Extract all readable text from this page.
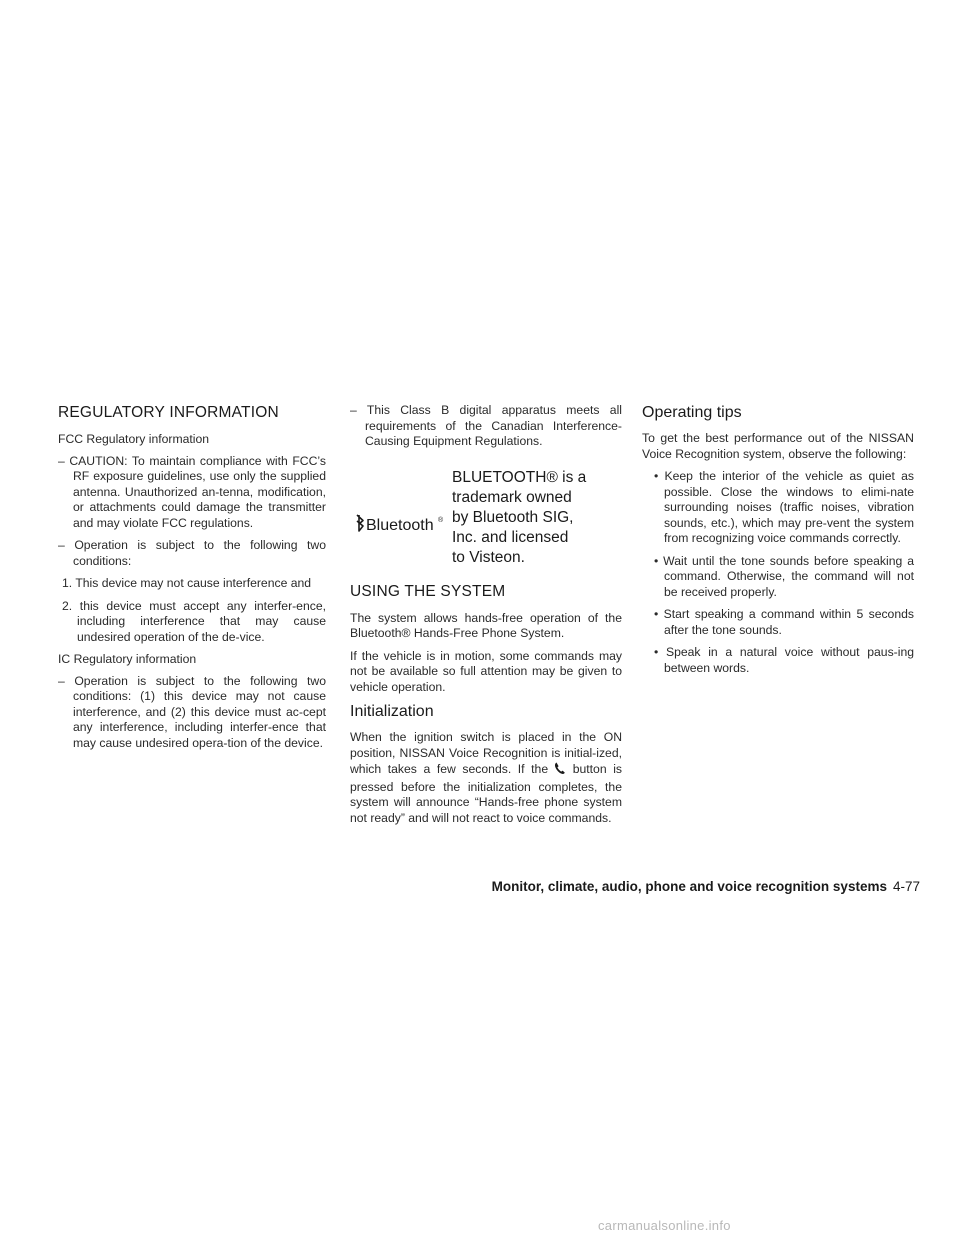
REGULATORY INFORMATION
FCC Regulatory information
– CAUTION: To maintain compliance with FCC’s RF exposure guidelines, use only the supplied antenna. Unauthorized an-tenna, modification, or attachments could damage the transmitter and may violate FCC regulations.
– Operation is subject to the following two conditions:
1. This device may not cause interference and
2. this device must accept any interfer-ence, including interference that may cause undesired operation of the de-vice.
IC Regulatory information
– Operation is subject to the following two conditions: (1) this device may not cause interference, and (2) this device must ac-cept any interference, including interfer-ence that may cause undesired opera-tion of the device.
– This Class B digital apparatus meets all requirements of the Canadian Interference-Causing Equipment Regulations.
Bluetooth ®
BLUETOOTH® is a
trademark owned
by Bluetooth SIG,
Inc. and licensed
to Visteon.
USING THE SYSTEM

The system allows hands-free operation of the Bluetooth® Hands-Free Phone System.

If the vehicle is in motion, some commands may not be available so full attention may be given to vehicle operation.

Initialization

When the ignition switch is placed in the ON position, NISSAN Voice Recognition is initial-ized, which takes a few seconds. If the button is pressed before the initialization completes, the system will announce “Hands-free phone system not ready” and will not react to voice commands.

Operating tips

To get the best performance out of the NISSAN Voice Recognition system, observe the following:

• Keep the interior of the vehicle as quiet as possible. Close the windows to elimi-nate surrounding noises (traffic noises, vibration sounds, etc.), which may pre-vent the system from recognizing voice commands correctly.
• Wait until the tone sounds before speaking a command. Otherwise, the command will not be received properly.
• Start speaking a command within 5 seconds after the tone sounds.
• Speak in a natural voice without paus-ing between words.
Monitor, climate, audio, phone and voice recognition systems 4-77
carmanualsonline.info
